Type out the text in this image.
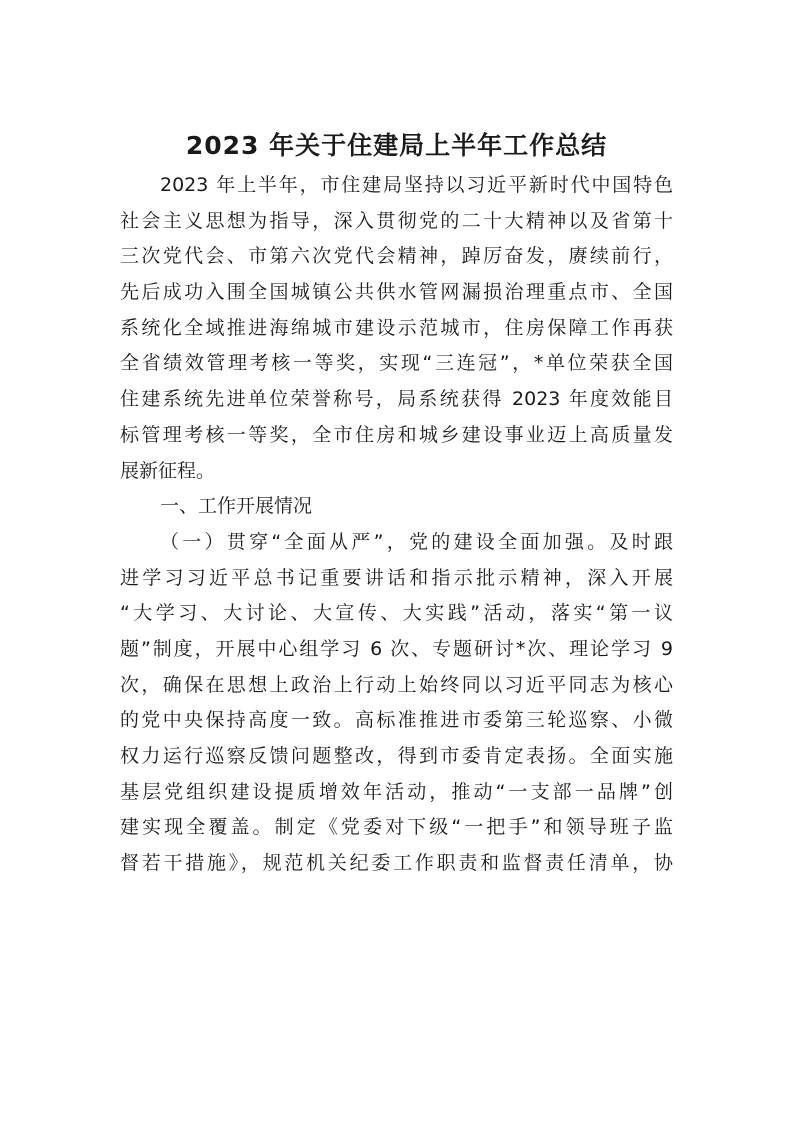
2023 年关于住建局上半年工作总结
2023 年上半年，市住建局坚持以习近平新时代中国特色
社会主义思想为指导，深入贯彻党的二十大精神以及省第十
三次党代会、市第六次党代会精神，踔厉奋发，赓续前行，
先后成功入围全国城镇公共供水管网漏损治理重点市、全国
系统化全域推进海绵城市建设示范城市，住房保障工作再获
全省绩效管理考核一等奖，实现“三连冠”，*单位荣获全国
住建系统先进单位荣誉称号，局系统获得 2023 年度效能目
标管理考核一等奖，全市住房和城乡建设事业迈上高质量发
展新征程。
一、工作开展情况
（一）贯穿“全面从严”，党的建设全面加强。及时跟
进学习习近平总书记重要讲话和指示批示精神，深入开展
“大学习、大讨论、大宣传、大实践”活动，落实“第一议
题”制度，开展中心组学习 6 次、专题研讨*次、理论学习 9
次，确保在思想上政治上行动上始终同以习近平同志为核心
的党中央保持高度一致。高标准推进市委第三轮巡察、小微
权力运行巡察反馈问题整改，得到市委肯定表扬。全面实施
基层党组织建设提质增效年活动，推动“一支部一品牌”创
建实现全覆盖。制定《党委对下级“一把手”和领导班子监
督若干措施》，规范机关纪委工作职责和监督责任清单，协
